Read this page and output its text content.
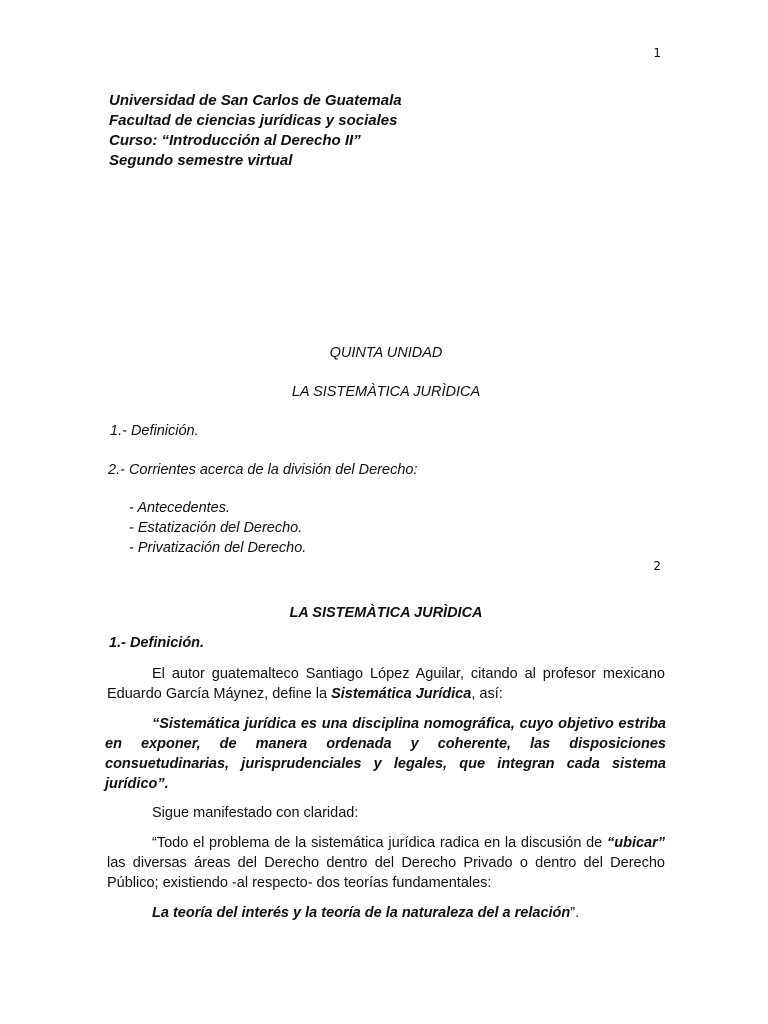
1
Universidad de San Carlos de Guatemala
Facultad de ciencias jurídicas y sociales
Curso: “Introducción al Derecho II”
Segundo semestre virtual
QUINTA UNIDAD
LA SISTEMÀTICA JURÌDICA
1.- Definición.
2.- Corrientes acerca de la división del Derecho:
- Antecedentes.
- Estatización del Derecho.
- Privatización del Derecho.
2
LA SISTEMÀTICA JURÌDICA
1.- Definición.
El autor guatemalteco Santiago López Aguilar, citando al profesor mexicano Eduardo García Máynez, define la Sistemática Jurídica, así:
“Sistemática jurídica es una disciplina nomográfica, cuyo objetivo estriba en exponer, de manera ordenada y coherente, las disposiciones consuetudinarias, jurisprudenciales y legales, que integran cada sistema jurídico”.
Sigue manifestado con claridad:
“Todo el problema de la sistemática jurídica radica en la discusión de “ubicar” las diversas áreas del Derecho dentro del Derecho Privado o dentro del Derecho Público; existiendo -al respecto- dos teorías fundamentales:
La teoría del interés y la teoría de la naturaleza del a relación”.
